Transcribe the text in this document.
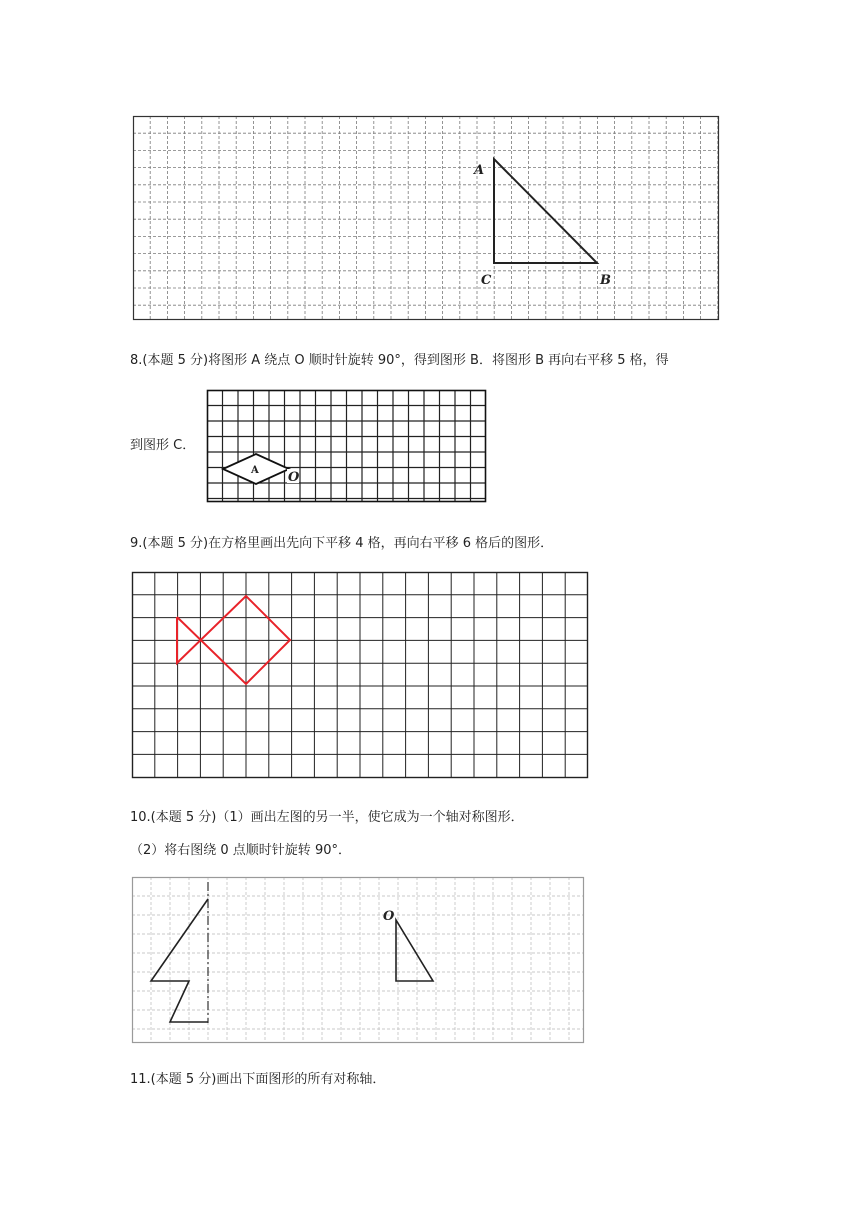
A
C	B
8.(本题 5 分)将图形 A 绕点 O 顺时针旋转 90°，得到图形 B．将图形 B 再向右平移 5 格，得
到图形 C．
A O
9.(本题 5 分)在方格里画出先向下平移 4 格，再向右平移 6 格后的图形．
10.(本题 5 分)（1）画出左图的另一半，使它成为一个轴对称图形．
（2）将右图绕 0 点顺时针旋转 90°．
O
11.(本题 5 分)画出下面图形的所有对称轴．
